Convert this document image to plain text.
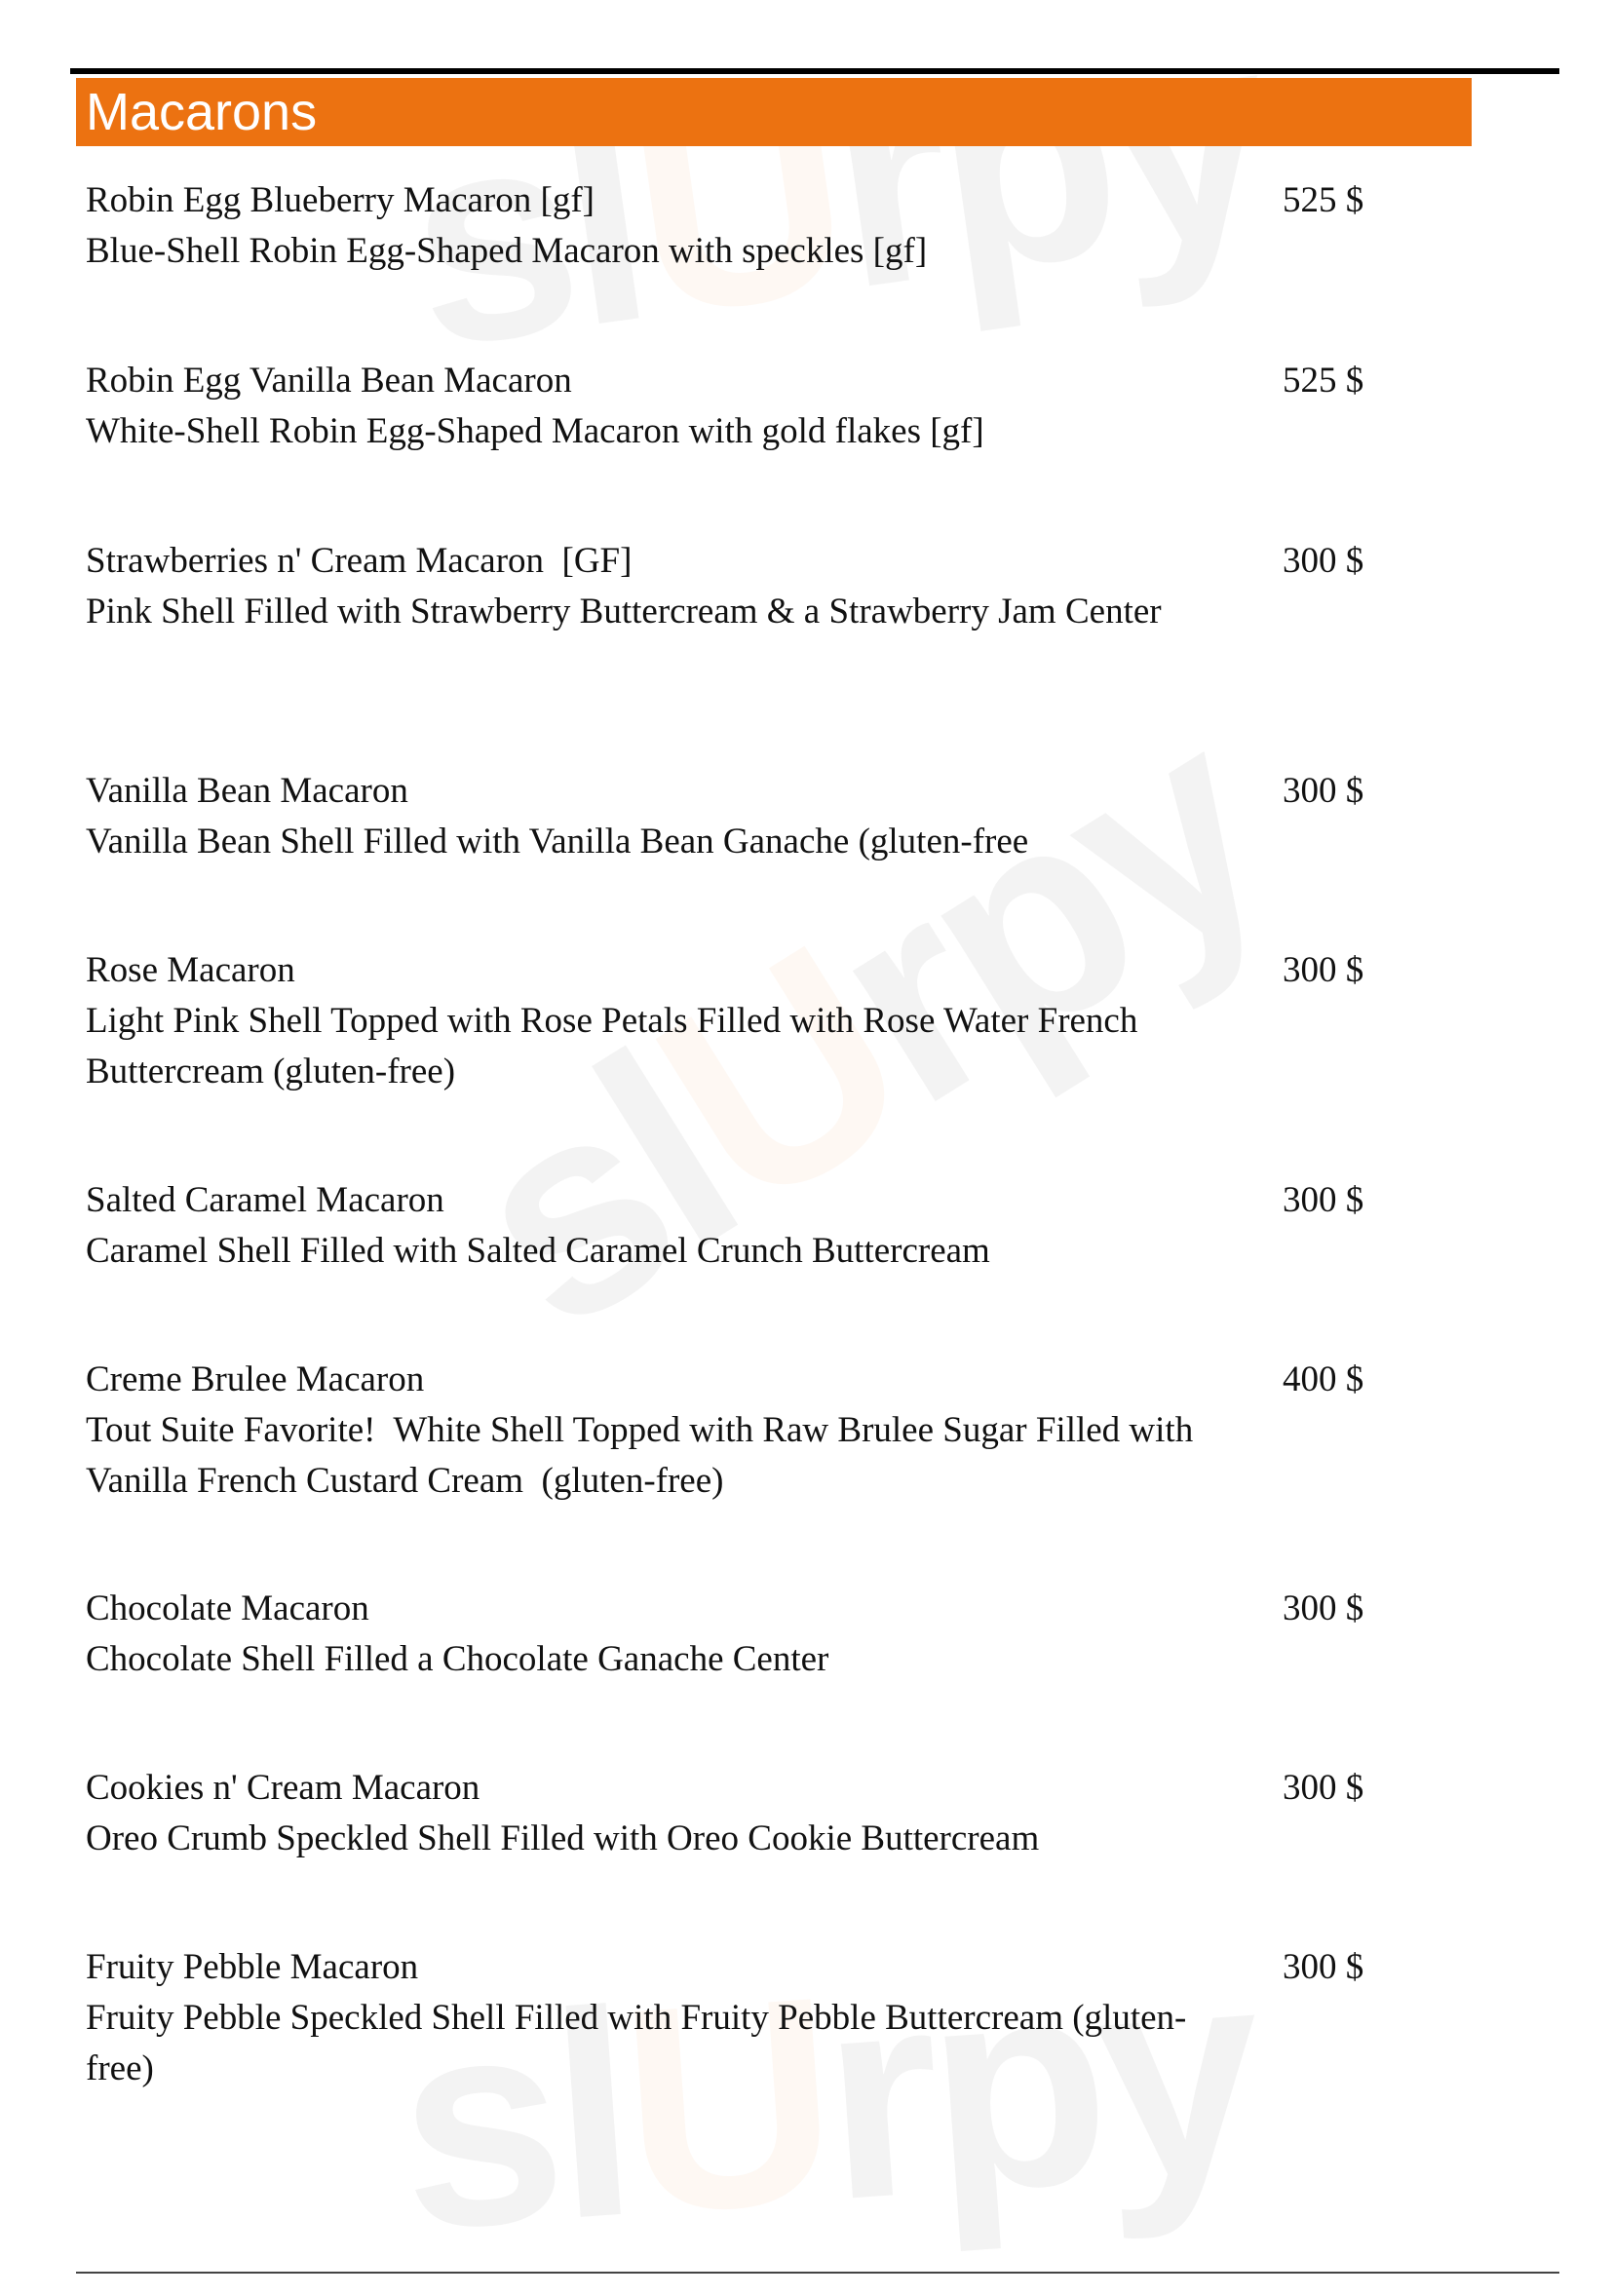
Macarons
Robin Egg Blueberry Macaron [gf]
Blue-Shell Robin Egg-Shaped Macaron with speckles [gf]
525 $
Robin Egg Vanilla Bean Macaron
White-Shell Robin Egg-Shaped Macaron with gold flakes [gf]
525 $
Strawberries n' Cream Macaron  [GF]
Pink Shell Filled with Strawberry Buttercream & a Strawberry Jam Center
300 $
Vanilla Bean Macaron
Vanilla Bean Shell Filled with Vanilla Bean Ganache (gluten-free
300 $
Rose Macaron
Light Pink Shell Topped with Rose Petals Filled with Rose Water French Buttercream (gluten-free)
300 $
Salted Caramel Macaron
Caramel Shell Filled with Salted Caramel Crunch Buttercream
300 $
Creme Brulee Macaron
Tout Suite Favorite!  White Shell Topped with Raw Brulee Sugar Filled with Vanilla French Custard Cream  (gluten-free)
400 $
Chocolate Macaron
Chocolate Shell Filled a Chocolate Ganache Center
300 $
Cookies n' Cream Macaron
Oreo Crumb Speckled Shell Filled with Oreo Cookie Buttercream
300 $
Fruity Pebble Macaron
Fruity Pebble Speckled Shell Filled with Fruity Pebble Buttercream (gluten-free)
300 $
